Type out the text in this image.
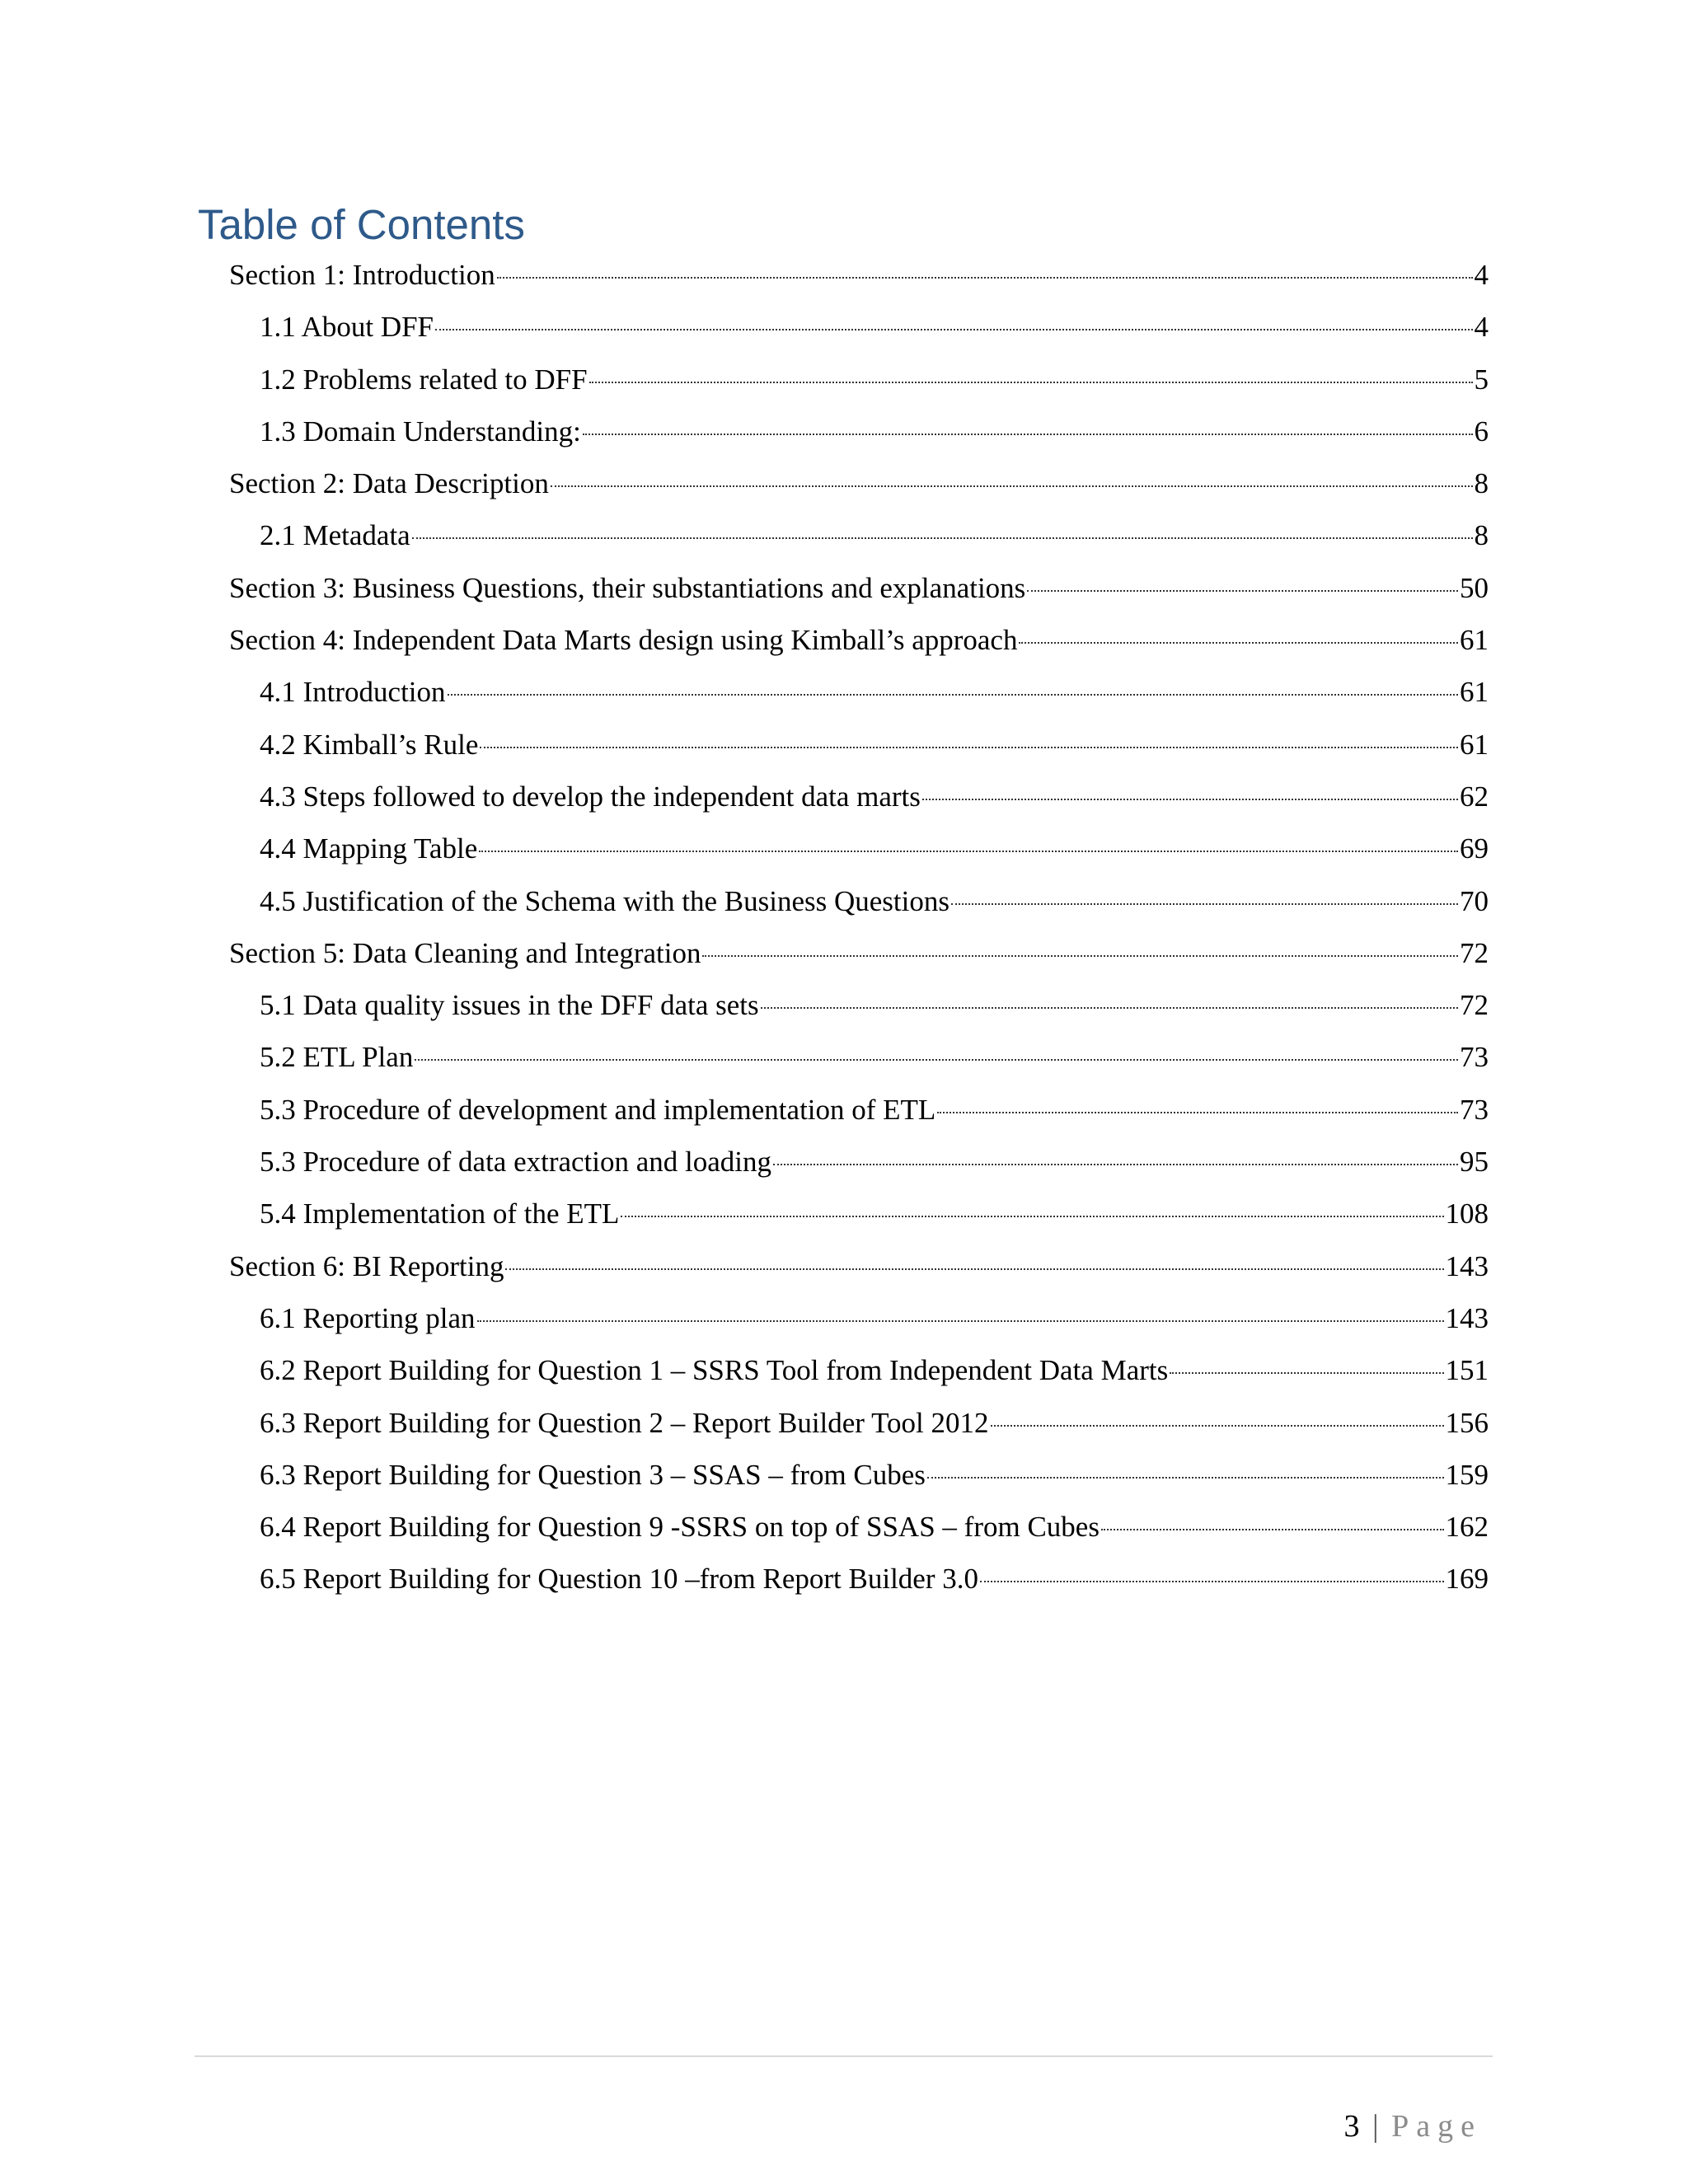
Table of Contents
Section 1: Introduction	4
1.1 About DFF	4
1.2 Problems related to DFF	5
1.3 Domain Understanding:	6
Section 2: Data Description	8
2.1 Metadata	8
Section 3: Business Questions, their substantiations and explanations	50
Section 4: Independent Data Marts design using Kimball’s approach	61
4.1 Introduction	61
4.2 Kimball’s Rule	61
4.3 Steps followed to develop the independent data marts	62
4.4 Mapping Table	69
4.5 Justification of the Schema with the Business Questions	70
Section 5: Data Cleaning and Integration	72
5.1 Data quality issues in the DFF data sets	72
5.2 ETL Plan	73
5.3 Procedure of development and implementation of ETL	73
5.3 Procedure of data extraction and loading	95
5.4 Implementation of the ETL	108
Section 6: BI Reporting	143
6.1 Reporting plan	143
6.2 Report Building for Question 1 – SSRS Tool from Independent Data Marts	151
6.3 Report Building for Question 2 – Report Builder Tool 2012	156
6.3 Report Building for Question 3 – SSAS – from Cubes	159
6.4 Report Building for Question 9 -SSRS on top of SSAS – from Cubes	162
6.5 Report Building for Question 10 –from Report Builder 3.0	169
3 | Page
